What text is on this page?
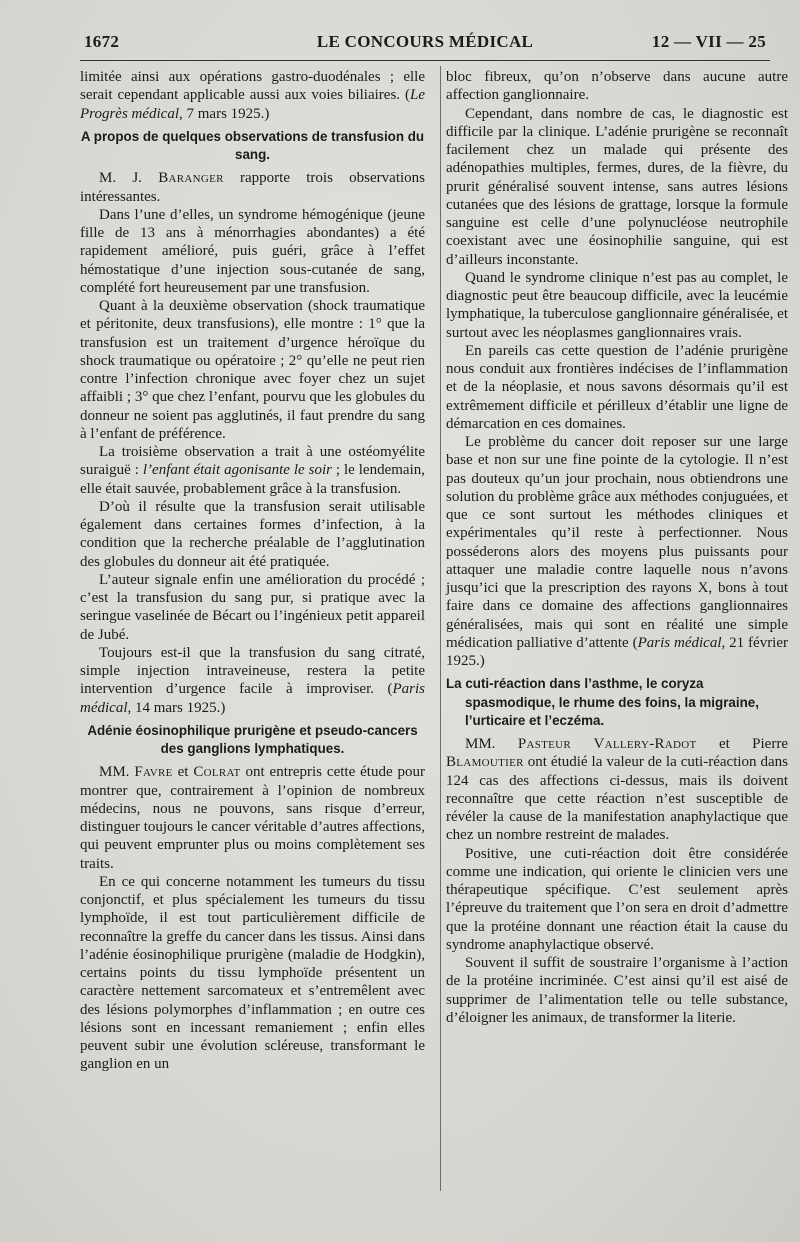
1672	LE CONCOURS MÉDICAL	12 — VII — 25

limitée ainsi aux opérations gastro-duodénales ; elle serait cependant applicable aussi aux voies biliaires. (Le Progrès médical, 7 mars 1925.)

A propos de quelques observations de transfusion du sang.

M. J. Baranger rapporte trois observations intéressantes.

Dans l’une d’elles, un syndrome hémogénique (jeune fille de 13 ans à ménorrhagies abondantes) a été rapidement amélioré, puis guéri, grâce à l’effet hémostatique d’une injection sous-cutanée de sang, complété fort heureusement par une transfusion.

Quant à la deuxième observation (shock traumatique et péritonite, deux transfusions), elle montre : 1° que la transfusion est un traitement d’urgence héroïque du shock traumatique ou opératoire ; 2° qu’elle ne peut rien contre l’infection chronique avec foyer chez un sujet affaibli ; 3° que chez l’enfant, pourvu que les globules du donneur ne soient pas agglutinés, il faut prendre du sang à l’enfant de préférence.

La troisième observation a trait à une ostéomyélite suraiguë : l’enfant était agonisante le soir ; le lendemain, elle était sauvée, probablement grâce à la transfusion.

D’où il résulte que la transfusion serait utilisable également dans certaines formes d’infection, à la condition que la recherche préalable de l’agglutination des globules du donneur ait été pratiquée.

L’auteur signale enfin une amélioration du procédé ; c’est la transfusion du sang pur, si pratique avec la seringue vaselinée de Bécart ou l’ingénieux petit appareil de Jubé.

Toujours est-il que la transfusion du sang citraté, simple injection intraveineuse, restera la petite intervention d’urgence facile à improviser. (Paris médical, 14 mars 1925.)

Adénie éosinophilique prurigène et pseudo-cancers des ganglions lymphatiques.

MM. Favre et Colrat ont entrepris cette étude pour montrer que, contrairement à l’opinion de nombreux médecins, nous ne pouvons, sans risque d’erreur, distinguer toujours le cancer véritable d’autres affections, qui peuvent emprunter plus ou moins complètement ses traits.

En ce qui concerne notamment les tumeurs du tissu conjonctif, et plus spécialement les tumeurs du tissu lymphoïde, il est tout particulièrement difficile de reconnaître la greffe du cancer dans les tissus. Ainsi dans l’adénie éosinophilique prurigène (maladie de Hodgkin), certains points du tissu lymphoïde présentent un caractère nettement sarcomateux et s’entremêlent avec des lésions polymorphes d’inflammation ; en outre ces lésions sont en incessant remaniement ; enfin elles peuvent subir une évolution scléreuse, transformant le ganglion en un

bloc fibreux, qu’on n’observe dans aucune autre affection ganglionnaire.

Cependant, dans nombre de cas, le diagnostic est difficile par la clinique. L’adénie prurigène se reconnaît facilement chez un malade qui présente des adénopathies multiples, fermes, dures, de la fièvre, du prurit généralisé souvent intense, sans autres lésions cutanées que des lésions de grattage, lorsque la formule sanguine est celle d’une polynucléose neutrophile coexistant avec une éosinophilie sanguine, qui est d’ailleurs inconstante.

Quand le syndrome clinique n’est pas au complet, le diagnostic peut être beaucoup difficile, avec la leucémie lymphatique, la tuberculose ganglionnaire généralisée, et surtout avec les néoplasmes ganglionnaires vrais.

En pareils cas cette question de l’adénie prurigène nous conduit aux frontières indécises de l’inflammation et de la néoplasie, et nous savons désormais qu’il est extrêmement difficile et périlleux d’établir une ligne de démarcation en ces domaines.

Le problème du cancer doit reposer sur une large base et non sur une fine pointe de la cytologie. Il n’est pas douteux qu’un jour prochain, nous obtiendrons une solution du problème grâce aux méthodes conjuguées, et que ce sont surtout les méthodes cliniques et expérimentales qu’il reste à perfectionner. Nous posséderons alors des moyens plus puissants pour attaquer une maladie contre laquelle nous n’avons jusqu’ici que la prescription des rayons X, bons à tout faire dans ce domaine des affections ganglionnaires généralisées, mais qui sont en réalité une simple médication palliative d’attente (Paris médical, 21 février 1925.)

La cuti-réaction dans l’asthme, le coryza spasmodique, le rhume des foins, la migraine, l’urticaire et l’eczéma.

MM. Pasteur Vallery-Radot et Pierre Blamoutier ont étudié la valeur de la cuti-réaction dans 124 cas des affections ci-dessus, mais ils doivent reconnaître que cette réaction n’est susceptible de révéler la cause de la manifestation anaphylactique que chez un nombre restreint de malades.

Positive, une cuti-réaction doit être considérée comme une indication, qui oriente le clinicien vers une thérapeutique spécifique. C’est seulement après l’épreuve du traitement que l’on sera en droit d’admettre que la protéine donnant une réaction était la cause du syndrome anaphylactique observé.

Souvent il suffit de soustraire l’organisme à l’action de la protéine incriminée. C’est ainsi qu’il est aisé de supprimer de l’alimentation telle ou telle substance, d’éloigner les animaux, de transformer la literie.
